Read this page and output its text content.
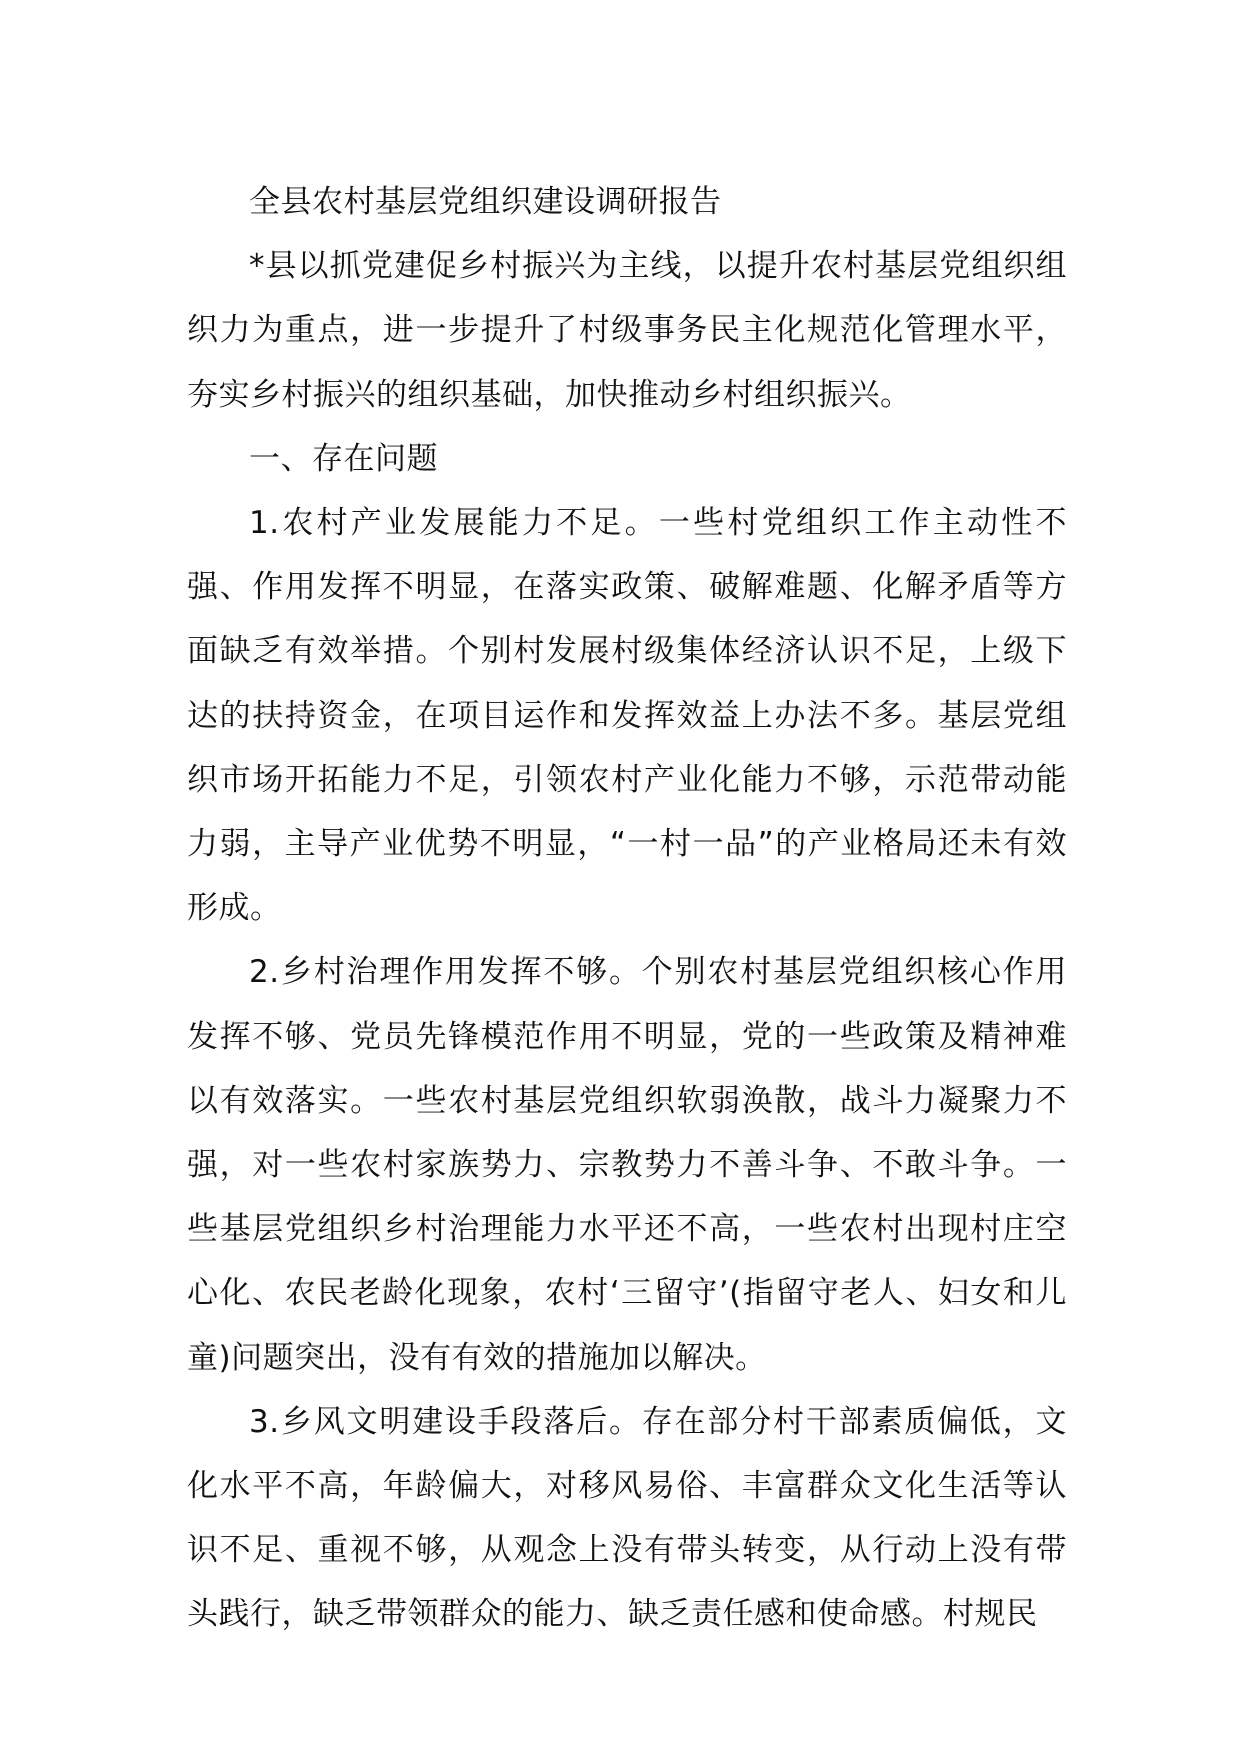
全县农村基层党组织建设调研报告

*县以抓党建促乡村振兴为主线，以提升农村基层党组织组织力为重点，进一步提升了村级事务民主化规范化管理水平，夯实乡村振兴的组织基础，加快推动乡村组织振兴。

一、存在问题

1.农村产业发展能力不足。一些村党组织工作主动性不强、作用发挥不明显，在落实政策、破解难题、化解矛盾等方面缺乏有效举措。个别村发展村级集体经济认识不足，上级下达的扶持资金，在项目运作和发挥效益上办法不多。基层党组织市场开拓能力不足，引领农村产业化能力不够，示范带动能力弱，主导产业优势不明显，“一村一品”的产业格局还未有效形成。

2.乡村治理作用发挥不够。个别农村基层党组织核心作用发挥不够、党员先锋模范作用不明显，党的一些政策及精神难以有效落实。一些农村基层党组织软弱涣散，战斗力凝聚力不强，对一些农村家族势力、宗教势力不善斗争、不敢斗争。一些基层党组织乡村治理能力水平还不高，一些农村出现村庄空心化、农民老龄化现象，农村‘三留守’(指留守老人、妇女和儿童)问题突出，没有有效的措施加以解决。

3.乡风文明建设手段落后。存在部分村干部素质偏低，文化水平不高，年龄偏大，对移风易俗、丰富群众文化生活等认识不足、重视不够，从观念上没有带头转变，从行动上没有带头践行，缺乏带领群众的能力、缺乏责任感和使命感。村规民
